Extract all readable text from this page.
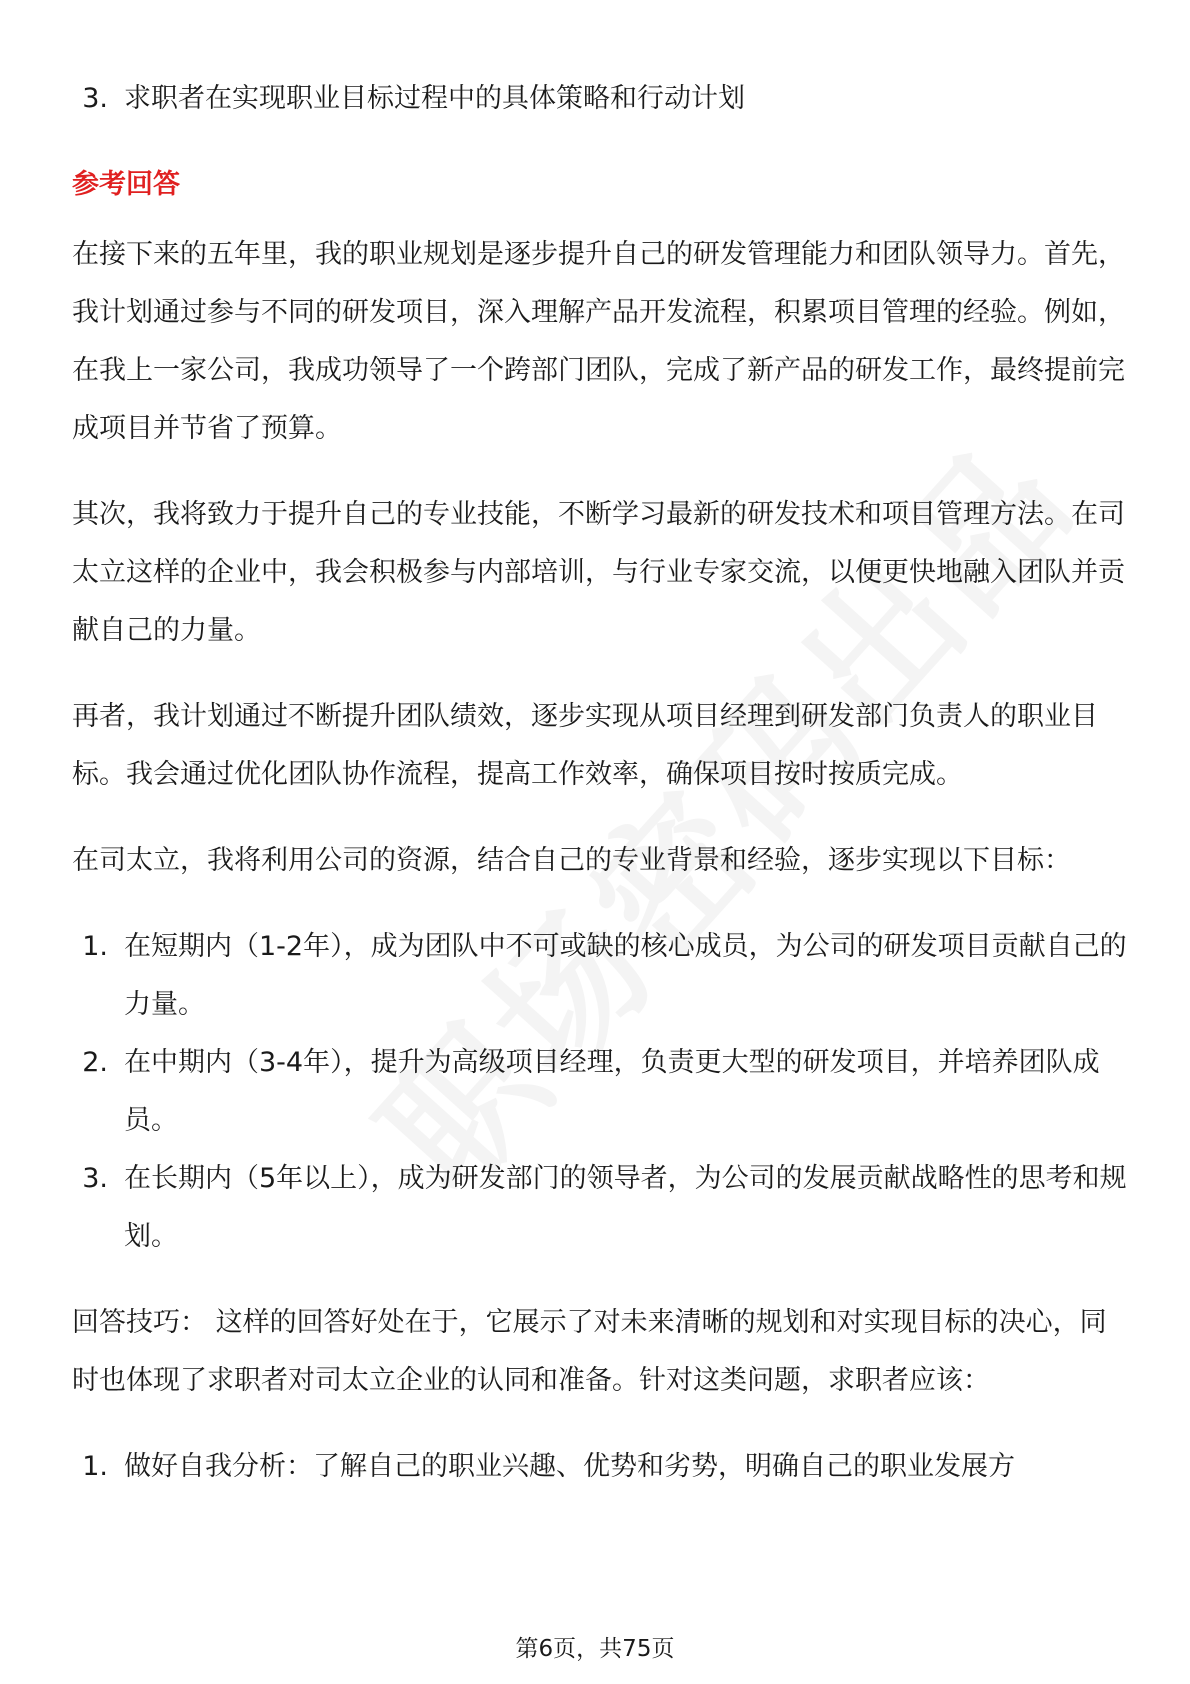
3. 求职者在实现职业目标过程中的具体策略和行动计划
参考回答

在接下来的五年里，我的职业规划是逐步提升自己的研发管理能力和团队领导力。首先，我计划通过参与不同的研发项目，深入理解产品开发流程，积累项目管理的经验。例如，在我上一家公司，我成功领导了一个跨部门团队，完成了新产品的研发工作，最终提前完成项目并节省了预算。

其次，我将致力于提升自己的专业技能，不断学习最新的研发技术和项目管理方法。在司太立这样的企业中，我会积极参与内部培训，与行业专家交流，以便更快地融入团队并贡献自己的力量。

再者，我计划通过不断提升团队绩效，逐步实现从项目经理到研发部门负责人的职业目标。我会通过优化团队协作流程，提高工作效率，确保项目按时按质完成。

在司太立，我将利用公司的资源，结合自己的专业背景和经验，逐步实现以下目标：

1. 在短期内（1-2年），成为团队中不可或缺的核心成员，为公司的研发项目贡献自己的力量。
2. 在中期内（3-4年），提升为高级项目经理，负责更大型的研发项目，并培养团队成员。
3. 在长期内（5年以上），成为研发部门的领导者，为公司的发展贡献战略性的思考和规划。

回答技巧： 这样的回答好处在于，它展示了对未来清晰的规划和对实现目标的决心，同时也体现了求职者对司太立企业的认同和准备。针对这类问题，求职者应该：

1. 做好自我分析：了解自己的职业兴趣、优势和劣势，明确自己的职业发展方
第6页，共75页
